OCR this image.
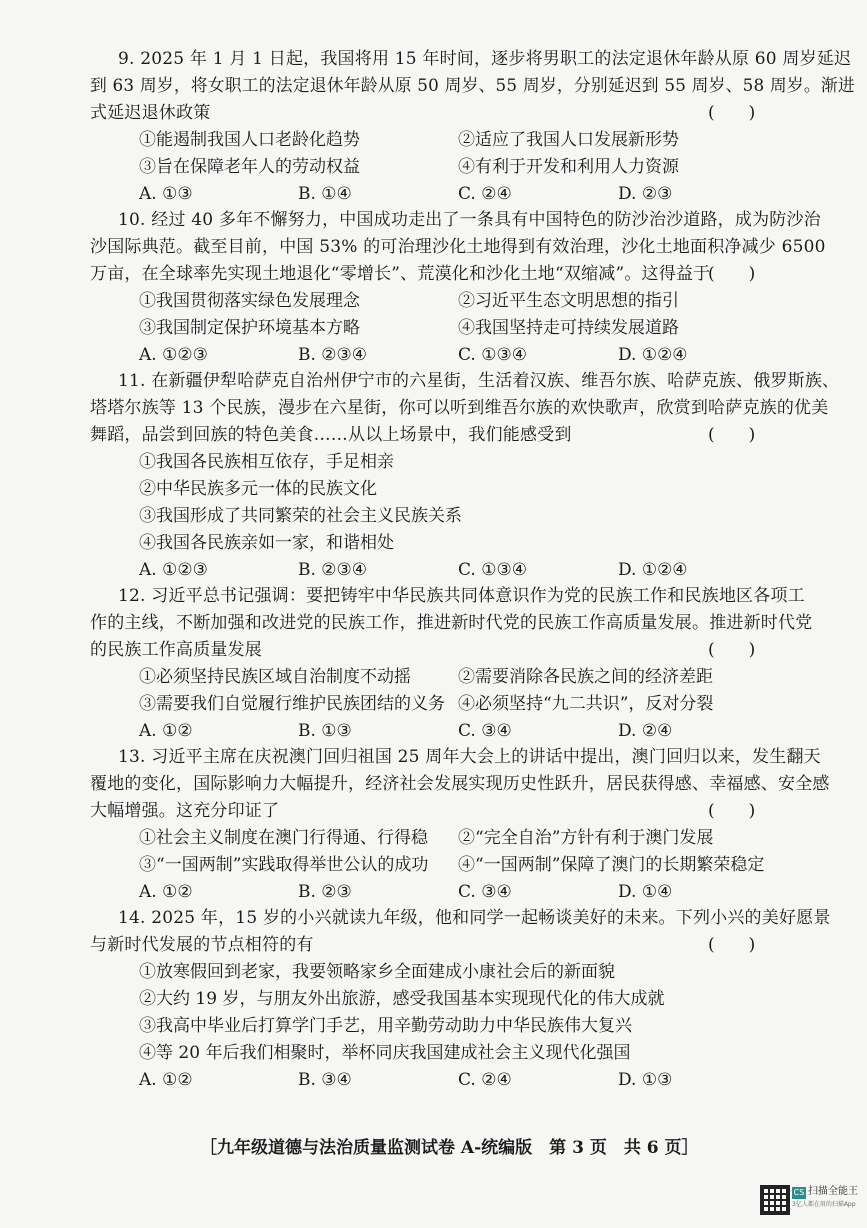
9. 2025 年 1 月 1 日起，我国将用 15 年时间，逐步将男职工的法定退休年龄从原 60 周岁延迟
到 63 周岁，将女职工的法定退休年龄从原 50 周岁、55 周岁，分别延迟到 55 周岁、58 周岁。渐进
式延迟退休政策	(　　)
①能遏制我国人口老龄化趋势	②适应了我国人口发展新形势
③旨在保障老年人的劳动权益	④有利于开发和利用人力资源
A. ①③	B. ①④	C. ②④	D. ②③
10. 经过 40 多年不懈努力，中国成功走出了一条具有中国特色的防沙治沙道路，成为防沙治
沙国际典范。截至目前，中国 53% 的可治理沙化土地得到有效治理，沙化土地面积净减少 6500
万亩，在全球率先实现土地退化“零增长”、荒漠化和沙化土地“双缩减”。这得益于
(　　)
①我国贯彻落实绿色发展理念	②习近平生态文明思想的指引
③我国制定保护环境基本方略	④我国坚持走可持续发展道路
A. ①②③	B. ②③④	C. ①③④	D. ①②④
11. 在新疆伊犁哈萨克自治州伊宁市的六星街，生活着汉族、维吾尔族、哈萨克族、俄罗斯族、
塔塔尔族等 13 个民族，漫步在六星街，你可以听到维吾尔族的欢快歌声，欣赏到哈萨克族的优美
舞蹈，品尝到回族的特色美食……从以上场景中，我们能感受到	(　　)
①我国各民族相互依存，手足相亲
②中华民族多元一体的民族文化
③我国形成了共同繁荣的社会主义民族关系
④我国各民族亲如一家，和谐相处
A. ①②③	B. ②③④	C. ①③④	D. ①②④
12. 习近平总书记强调：要把铸牢中华民族共同体意识作为党的民族工作和民族地区各项工
作的主线，不断加强和改进党的民族工作，推进新时代党的民族工作高质量发展。推进新时代党
的民族工作高质量发展	(　　)
①必须坚持民族区域自治制度不动摇	②需要消除各民族之间的经济差距
③需要我们自觉履行维护民族团结的义务 ④必须坚持“九二共识”，反对分裂
A. ①②	B. ①③	C. ③④	D. ②④
13. 习近平主席在庆祝澳门回归祖国 25 周年大会上的讲话中提出，澳门回归以来，发生翻天
覆地的变化，国际影响力大幅提升，经济社会发展实现历史性跃升，居民获得感、幸福感、安全感
大幅增强。这充分印证了	(　　)
①社会主义制度在澳门行得通、行得稳 ②“完全自治”方针有利于澳门发展
③“一国两制”实践取得举世公认的成功 ④“一国两制”保障了澳门的长期繁荣稳定
A. ①②	B. ②③	C. ③④	D. ①④
14. 2025 年，15 岁的小兴就读九年级，他和同学一起畅谈美好的未来。下列小兴的美好愿景
与新时代发展的节点相符的有	(　　)
①放寒假回到老家，我要领略家乡全面建成小康社会后的新面貌
②大约 19 岁，与朋友外出旅游，感受我国基本实现现代化的伟大成就
③我高中毕业后打算学门手艺，用辛勤劳动助力中华民族伟大复兴
④等 20 年后我们相聚时，举杯同庆我国建成社会主义现代化强国
A. ①②	B. ③④	C. ②④	D. ①③
［九年级道德与法治质量监测试卷 A-统编版　第 3 页　共 6 页］
CS 扫描全能王
3亿人都在用的扫描App
